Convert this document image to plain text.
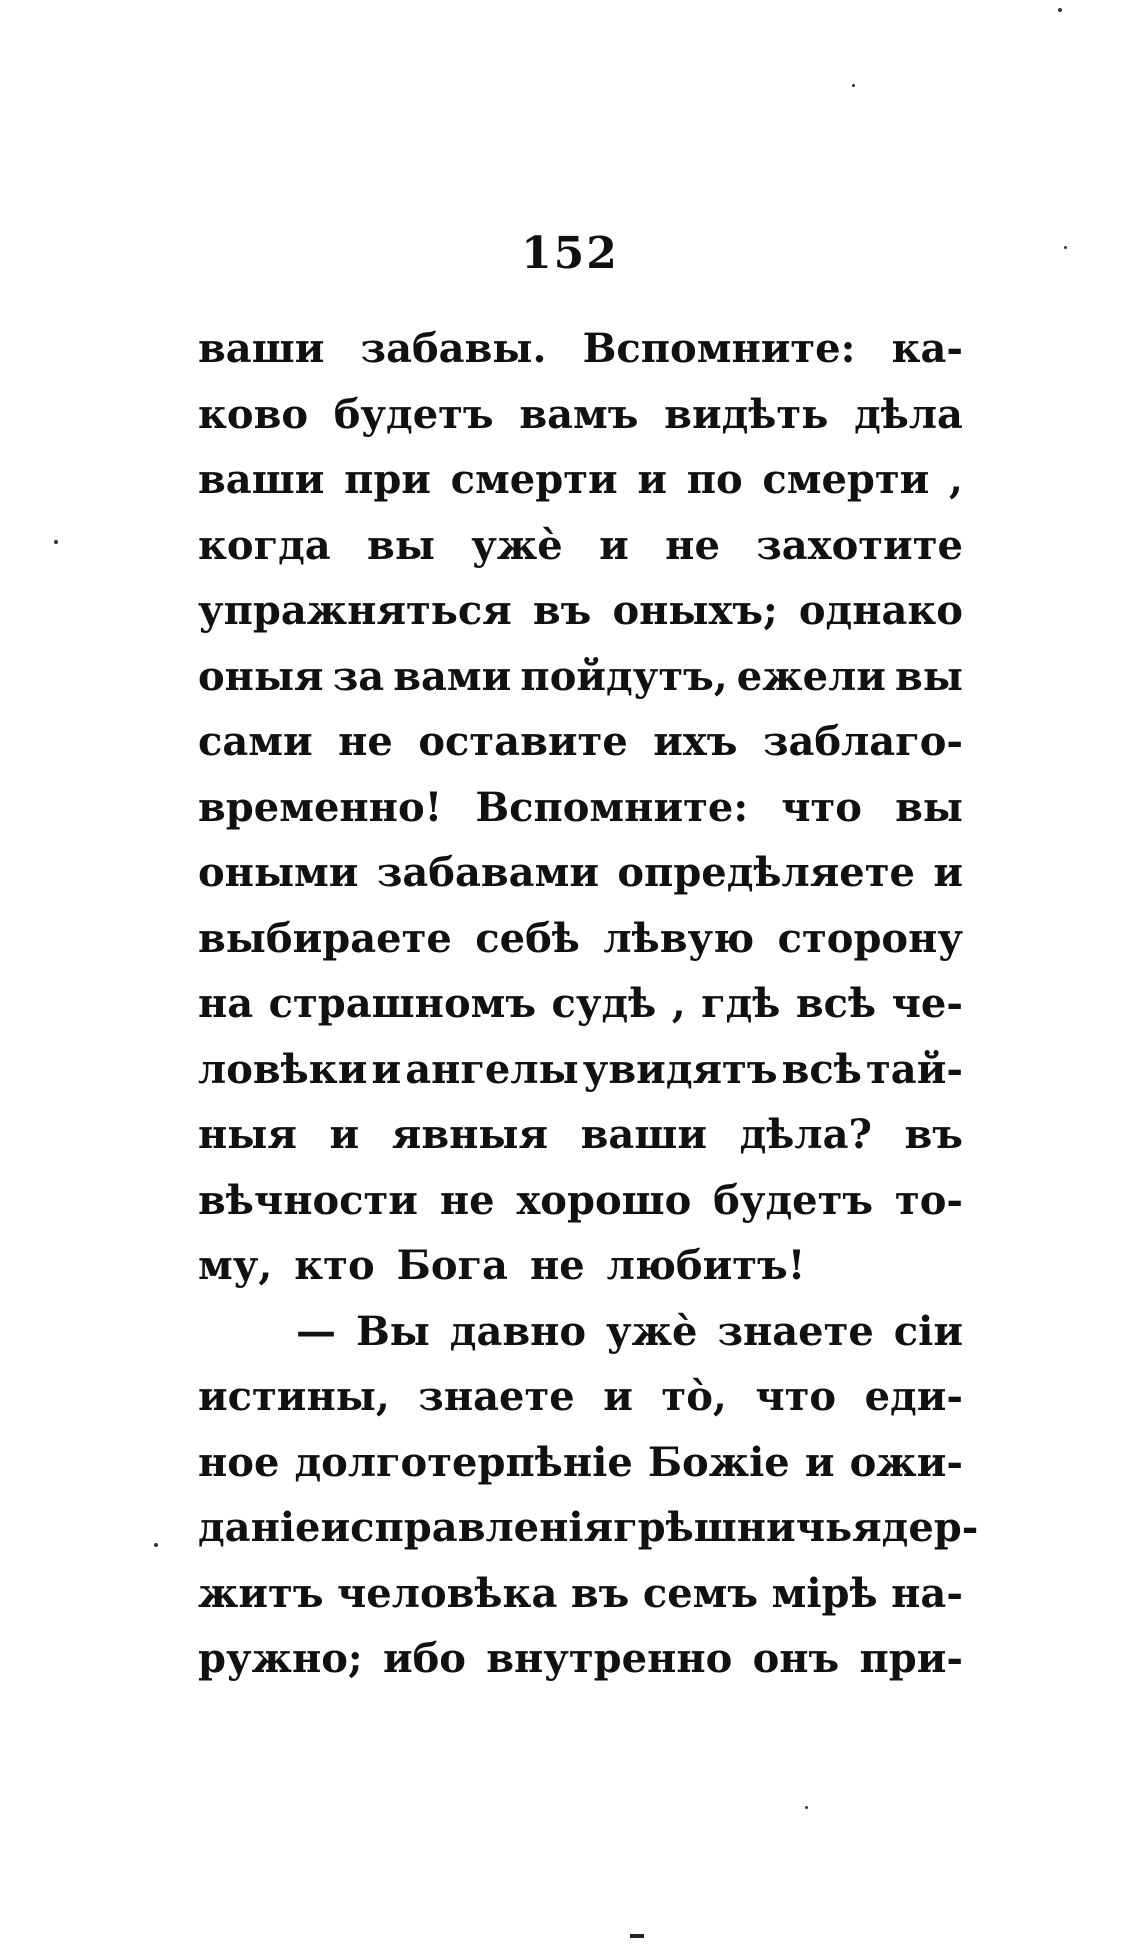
152
ваши забавы. Вспомните: ка-
ково будетъ вамъ видѣть дѣла
ваши при смерти и по смерти ,
когда вы ужè и не захотите
упражняться въ оныхъ; однако
оныя за вами пойдутъ, ежели вы
сами не оставите ихъ заблаго-
временно! Вспомните: что вы
оными забавами опредѣляете и
выбираете себѣ лѣвую сторону
на страшномъ судѣ , гдѣ всѣ че-
ловѣки и ангелы увидятъ всѣ тай-
ныя и явныя ваши дѣла? въ
вѣчности не хорошо будетъ то-
му, кто Бога не любитъ!
— Вы давно ужè знаете сіи
истины, знаете и тò, что еди-
ное долготерпѣніе Божіе и ожи-
даніе исправленія грѣшничья дер-
житъ человѣка въ семъ мірѣ на-
ружно; ибо внутренно онъ при-
